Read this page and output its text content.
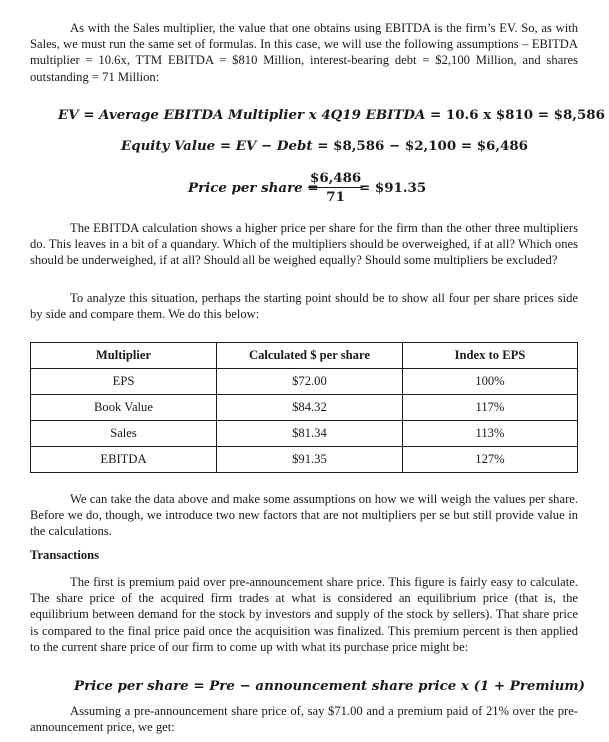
As with the Sales multiplier, the value that one obtains using EBITDA is the firm’s EV. So, as with Sales, we must run the same set of formulas. In this case, we will use the following assumptions – EBITDA multiplier = 10.6x, TTM EBITDA = $810 Million, interest-bearing debt = $2,100 Million, and shares outstanding = 71 Million:

EV = Average EBITDA Multiplier x 4Q19 EBITDA = 10.6 x $810 = $8,586
Equity Value = EV − Debt = $8,586 − $2,100 = $6,486
Price per share =
$\frac{\$6,486}{71}$
= $91.35

The EBITDA calculation shows a higher price per share for the firm than the other three multipliers do. This leaves in a bit of a quandary. Which of the multipliers should be overweighed, if at all? Which ones should be underweighed, if at all? Should all be weighed equally? Should some multipliers be excluded?

To analyze this situation, perhaps the starting point should be to show all four per share prices side by side and compare them. We do this below:

Multiplier	Calculated $ per share	Index to EPS
EPS	$72.00	100%
Book Value	$84.32	117%
Sales	$81.34	113%
EBITDA	$91.35	127%

We can take the data above and make some assumptions on how we will weigh the values per share. Before we do, though, we introduce two new factors that are not multipliers per se but still provide value in the calculations.

Transactions

The first is premium paid over pre-announcement share price. This figure is fairly easy to calculate. The share price of the acquired firm trades at what is considered an equilibrium price (that is, the equilibrium between demand for the stock by investors and supply of the stock by sellers). That share price is compared to the final price paid once the acquisition was finalized. This premium percent is then applied to the current share price of our firm to come up with what its purchase price might be:

Price per share = Pre − announcement share price x (1 + Premium)

Assuming a pre-announcement share price of, say $71.00 and a premium paid of 21% over the pre-announcement price, we get:
